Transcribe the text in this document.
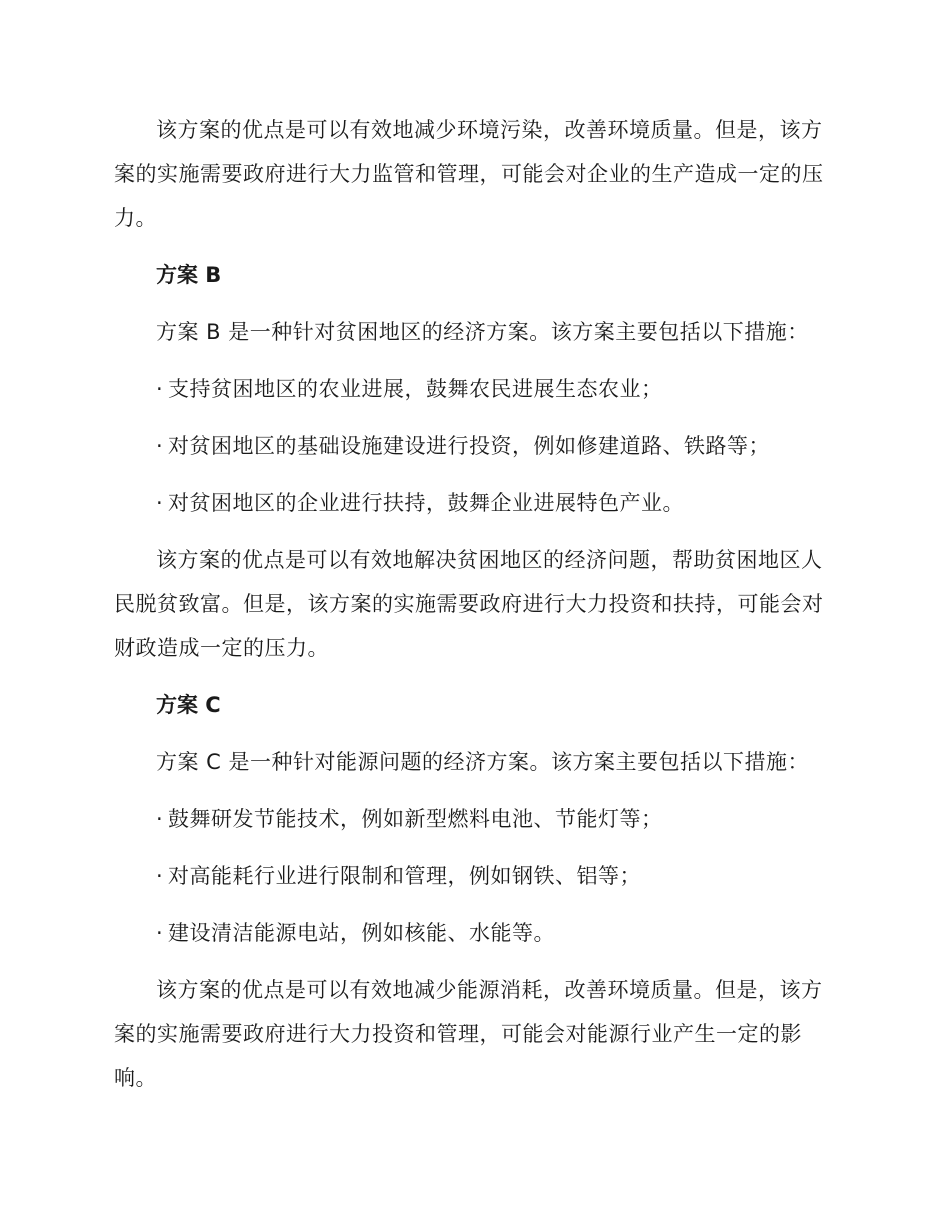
该方案的优点是可以有效地减少环境污染，改善环境质量。但是，该方案的实施需要政府进行大力监管和管理，可能会对企业的生产造成一定的压力。

方案 B

方案 B 是一种针对贫困地区的经济方案。该方案主要包括以下措施：

· 支持贫困地区的农业进展，鼓舞农民进展生态农业；

· 对贫困地区的基础设施建设进行投资，例如修建道路、铁路等；

· 对贫困地区的企业进行扶持，鼓舞企业进展特色产业。

该方案的优点是可以有效地解决贫困地区的经济问题，帮助贫困地区人民脱贫致富。但是，该方案的实施需要政府进行大力投资和扶持，可能会对财政造成一定的压力。

方案 C

方案 C 是一种针对能源问题的经济方案。该方案主要包括以下措施：

· 鼓舞研发节能技术，例如新型燃料电池、节能灯等；

· 对高能耗行业进行限制和管理，例如钢铁、铝等；

· 建设清洁能源电站，例如核能、水能等。

该方案的优点是可以有效地减少能源消耗，改善环境质量。但是，该方案的实施需要政府进行大力投资和管理，可能会对能源行业产生一定的影响。
